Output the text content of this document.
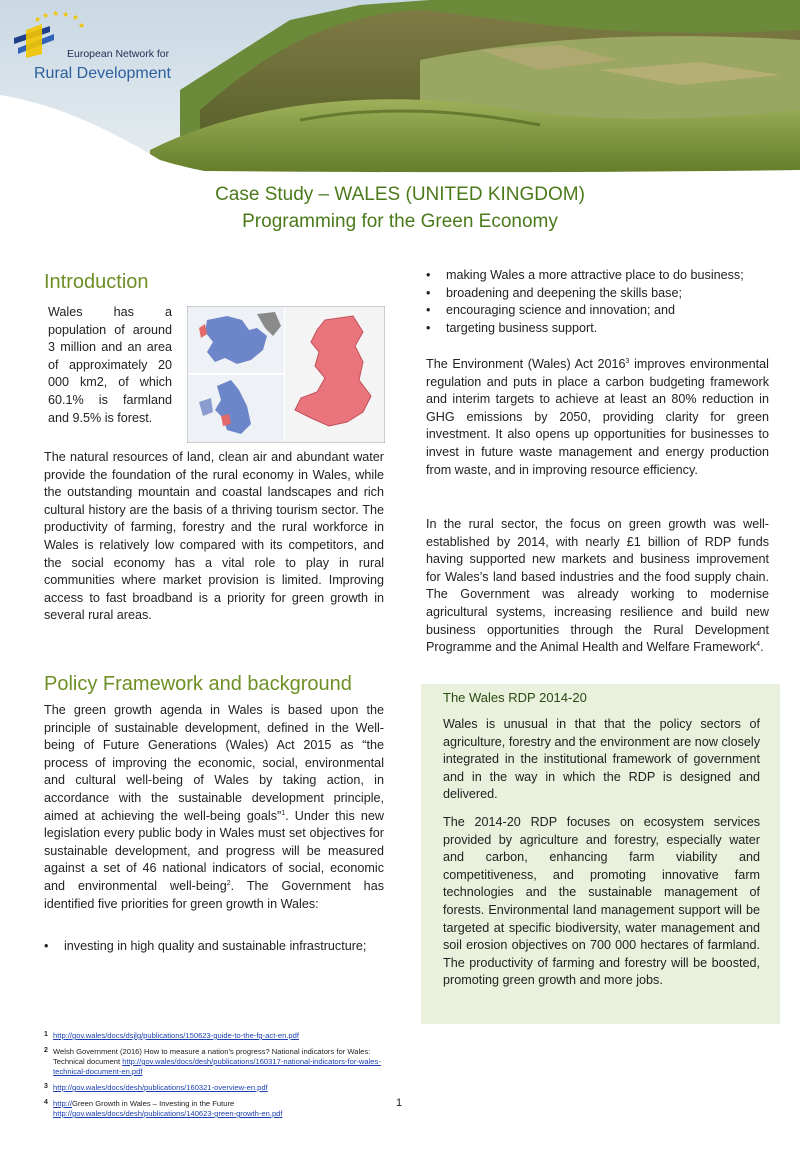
★ ★ ★ ★
★
★
European Network for
Rural Development
Case Study – WALES (UNITED KINGDOM)
Programming for the Green Economy
Introduction
Wales has a population of around 3 million and an area of approximately 20 000 km2, of which 60.1% is farmland and 9.5% is forest.

The natural resources of land, clean air and abundant water provide the foundation of the rural economy in Wales, while the outstanding mountain and coastal landscapes and rich cultural history are the basis of a thriving tourism sector. The productivity of farming, forestry and the rural workforce in Wales is relatively low compared with its competitors, and the social economy has a vital role to play in rural communities where market provision is limited. Improving access to fast broadband is a priority for green growth in several rural areas.

Policy Framework and background

The green growth agenda in Wales is based upon the principle of sustainable development, defined in the Well-being of Future Generations (Wales) Act 2015 as “the process of improving the economic, social, environmental and cultural well-being of Wales by taking action, in accordance with the sustainable development principle, aimed at achieving the well-being goals”$^1$. Under this new legislation every public body in Wales must set objectives for sustainable development, and progress will be measured against a set of 46 national indicators of social, economic and environmental well-being$^2$. The Government has identified five priorities for green growth in Wales:

• investing in high quality and sustainable infrastructure;
• making Wales a more attractive place to do business;
• broadening and deepening the skills base;
• encouraging science and innovation; and
• targeting business support.

The Environment (Wales) Act 2016$^3$ improves environmental regulation and puts in place a carbon budgeting framework and interim targets to achieve at least an 80% reduction in GHG emissions by 2050, providing clarity for green investment. It also opens up opportunities for businesses to invest in future waste management and energy production from waste, and in improving resource efficiency.

In the rural sector, the focus on green growth was well-established by 2014, with nearly £1 billion of RDP funds having supported new markets and business improvement for Wales’s land based industries and the food supply chain. The Government was already working to modernise agricultural systems, increasing resilience and build new business opportunities through the Rural Development Programme and the Animal Health and Welfare Framework$^4$.

The Wales RDP 2014-20

Wales is unusual in that that the policy sectors of agriculture, forestry and the environment are now closely integrated in the institutional framework of government and in the way in which the RDP is designed and delivered.

The 2014-20 RDP focuses on ecosystem services provided by agriculture and forestry, especially water and carbon, enhancing farm viability and competitiveness, and promoting innovative farm technologies and the sustainable management of forests. Environmental land management support will be targeted at specific biodiversity, water management and soil erosion objectives on 700 000 hectares of farmland. The productivity of farming and forestry will be boosted, promoting green growth and more jobs.

1 http://gov.wales/docs/dsjlg/publications/150623-guide-to-the-fg-act-en.pdf
2 Welsh Government (2016) How to measure a nation’s progress? National indicators for Wales: Technical document http://gov.wales/docs/desh/publications/160317-national-indicators-for-wales-technical-document-en.pdf
3 http://gov.wales/docs/desh/publications/160321-overview-en.pdf
4 http://Green Growth in Wales – Investing in the Future
http://gov.wales/docs/desh/publications/140623-green-growth-en.pdf
1
